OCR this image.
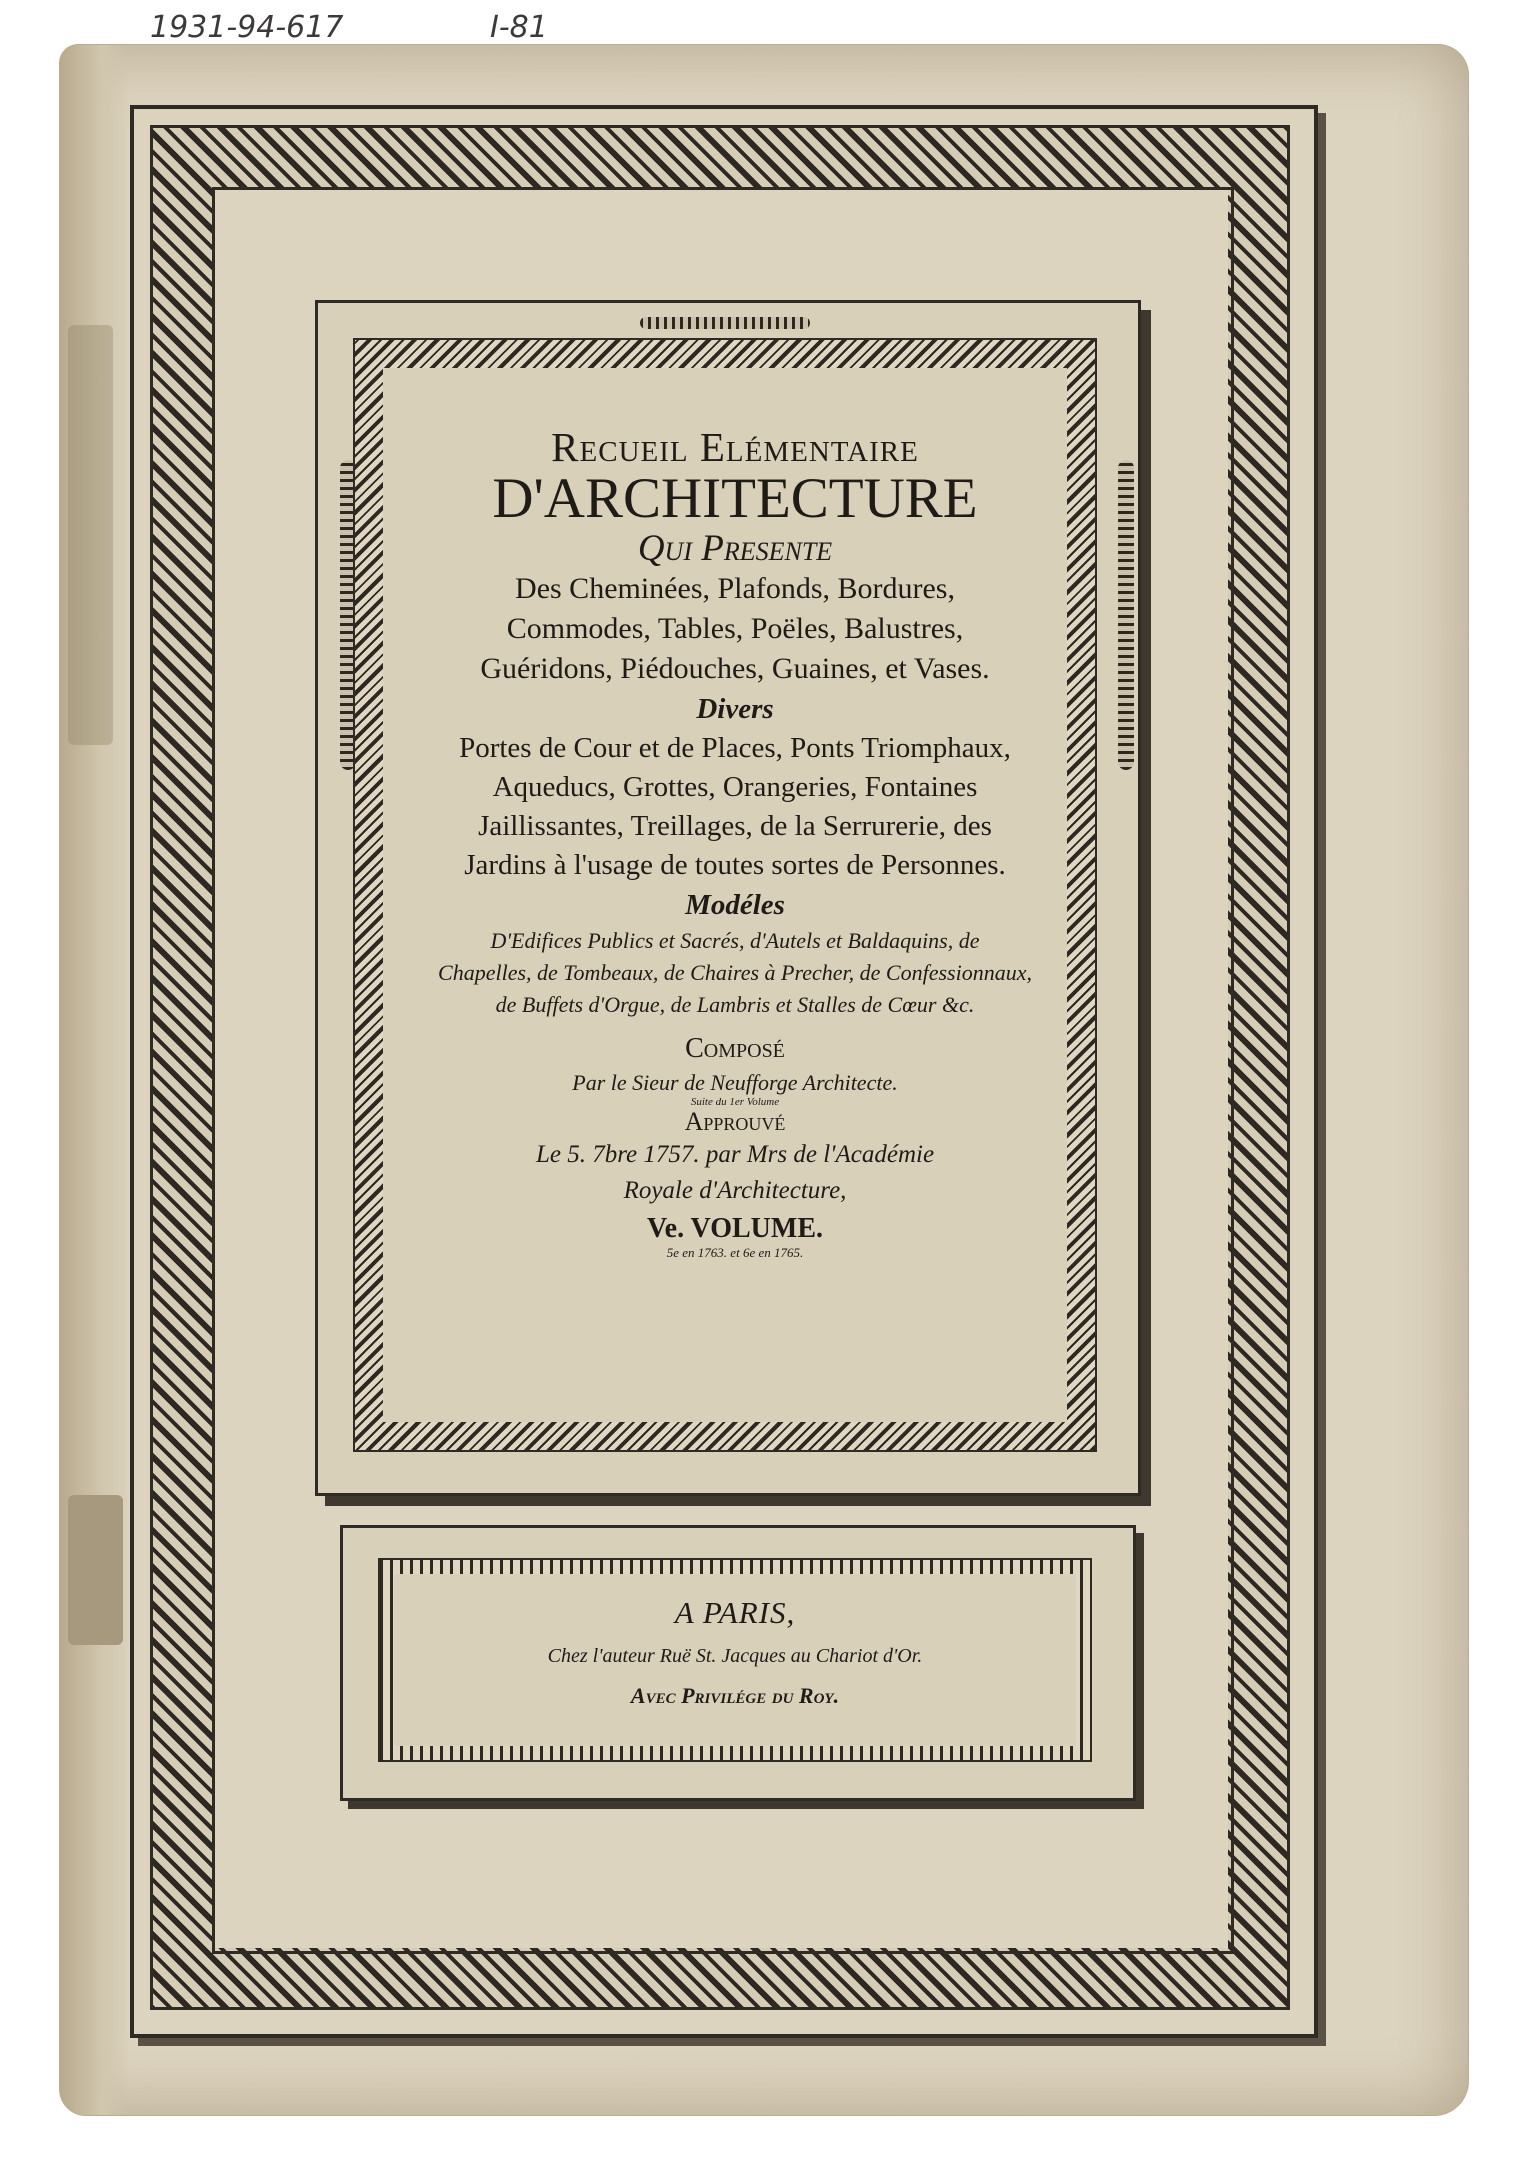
1931-94-617	I-81
Recueil Elémentaire
D'ARCHITECTURE
Qui Presente
Des Cheminées, Plafonds, Bordures,
Commodes, Tables, Poëles, Balustres,
Guéridons, Piédouches, Guaines, et Vases.
Divers
Portes de Cour et de Places, Ponts Triomphaux,
Aqueducs, Grottes, Orangeries, Fontaines
Jaillissantes, Treillages, de la Serrurerie, des
Jardins à l'usage de toutes sortes de Personnes.
Modéles
D'Edifices Publics et Sacrés, d'Autels et Baldaquins, de
Chapelles, de Tombeaux, de Chaires à Precher, de Confessionnaux,
de Buffets d'Orgue, de Lambris et Stalles de Cœur &c.
Composé
Par le Sieur de Neufforge Architecte.
Suite du 1er Volume
Approuvé
Le 5. 7bre 1757. par Mrs de l'Académie
Royale d'Architecture,
Ve. VOLUME.
5e en 1763. et 6e en 1765.
A PARIS,
Chez l'auteur Ruë St. Jacques au Chariot d'Or.
Avec Privilége du Roy.
